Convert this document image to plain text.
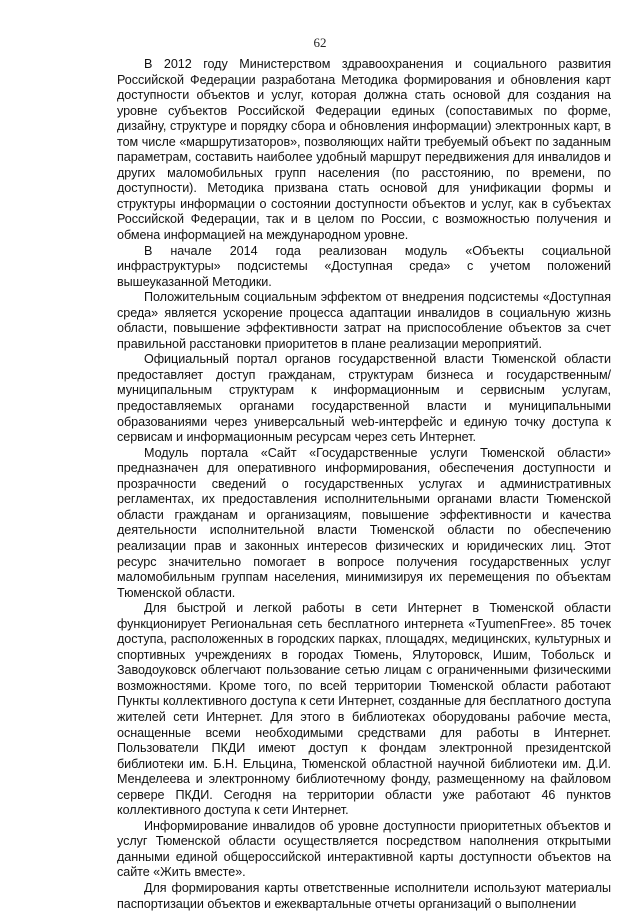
62

В 2012 году Министерством здравоохранения и социального развития Российской Федерации разработана Методика формирования и обновления карт доступности объектов и услуг, которая должна стать основой для создания на уровне субъектов Российской Федерации единых (сопоставимых по форме, дизайну, структуре и порядку сбора и обновления информации) электронных карт, в том числе «маршрутизаторов», позволяющих найти требуемый объект по заданным параметрам, составить наиболее удобный маршрут передвижения для инвалидов и других маломобильных групп населения (по расстоянию, по времени, по доступности). Методика призвана стать основой для унификации формы и структуры информации о состоянии доступности объектов и услуг, как в субъектах Российской Федерации, так и в целом по России, с возможностью получения и обмена информацией на международном уровне.

В начале 2014 года реализован модуль «Объекты социальной инфраструктуры» подсистемы «Доступная среда» с учетом положений вышеуказанной Методики.

Положительным социальным эффектом от внедрения подсистемы «Доступная среда» является ускорение процесса адаптации инвалидов в социальную жизнь области, повышение эффективности затрат на приспособление объектов за счет правильной расстановки приоритетов в плане реализации мероприятий.

Официальный портал органов государственной власти Тюменской области предоставляет доступ гражданам, структурам бизнеса и государственным/муниципальным структурам к информационным и сервисным услугам, предоставляемых органами государственной власти и муниципальными образованиями через универсальный web-интерфейс и единую точку доступа к сервисам и информационным ресурсам через сеть Интернет.

Модуль портала «Сайт «Государственные услуги Тюменской области» предназначен для оперативного информирования, обеспечения доступности и прозрачности сведений о государственных услугах и административных регламентах, их предоставления исполнительными органами власти Тюменской области гражданам и организациям, повышение эффективности и качества деятельности исполнительной власти Тюменской области по обеспечению реализации прав и законных интересов физических и юридических лиц. Этот ресурс значительно помогает в вопросе получения государственных услуг маломобильным группам населения, минимизируя их перемещения по объектам Тюменской области.

Для быстрой и легкой работы в сети Интернет в Тюменской области функционирует Региональная сеть бесплатного интернета «TyumenFree». 85 точек доступа, расположенных в городских парках, площадях, медицинских, культурных и спортивных учреждениях в городах Тюмень, Ялуторовск, Ишим, Тобольск и Заводоуковск облегчают пользование сетью лицам с ограниченными физическими возможностями. Кроме того, по всей территории Тюменской области работают Пункты коллективного доступа к сети Интернет, созданные для бесплатного доступа жителей сети Интернет. Для этого в библиотеках оборудованы рабочие места, оснащенные всеми необходимыми средствами для работы в Интернет. Пользователи ПКДИ имеют доступ к фондам электронной президентской библиотеки им. Б.Н. Ельцина, Тюменской областной научной библиотеки им. Д.И. Менделеева и электронному библиотечному фонду, размещенному на файловом сервере ПКДИ. Сегодня на территории области уже работают 46 пунктов коллективного доступа к сети Интернет.

Информирование инвалидов об уровне доступности приоритетных объектов и услуг Тюменской области осуществляется посредством наполнения открытыми данными единой общероссийской интерактивной карты доступности объектов на сайте «Жить вместе».

Для формирования карты ответственные исполнители используют материалы паспортизации объектов и ежеквартальные отчеты организаций о выполнении
